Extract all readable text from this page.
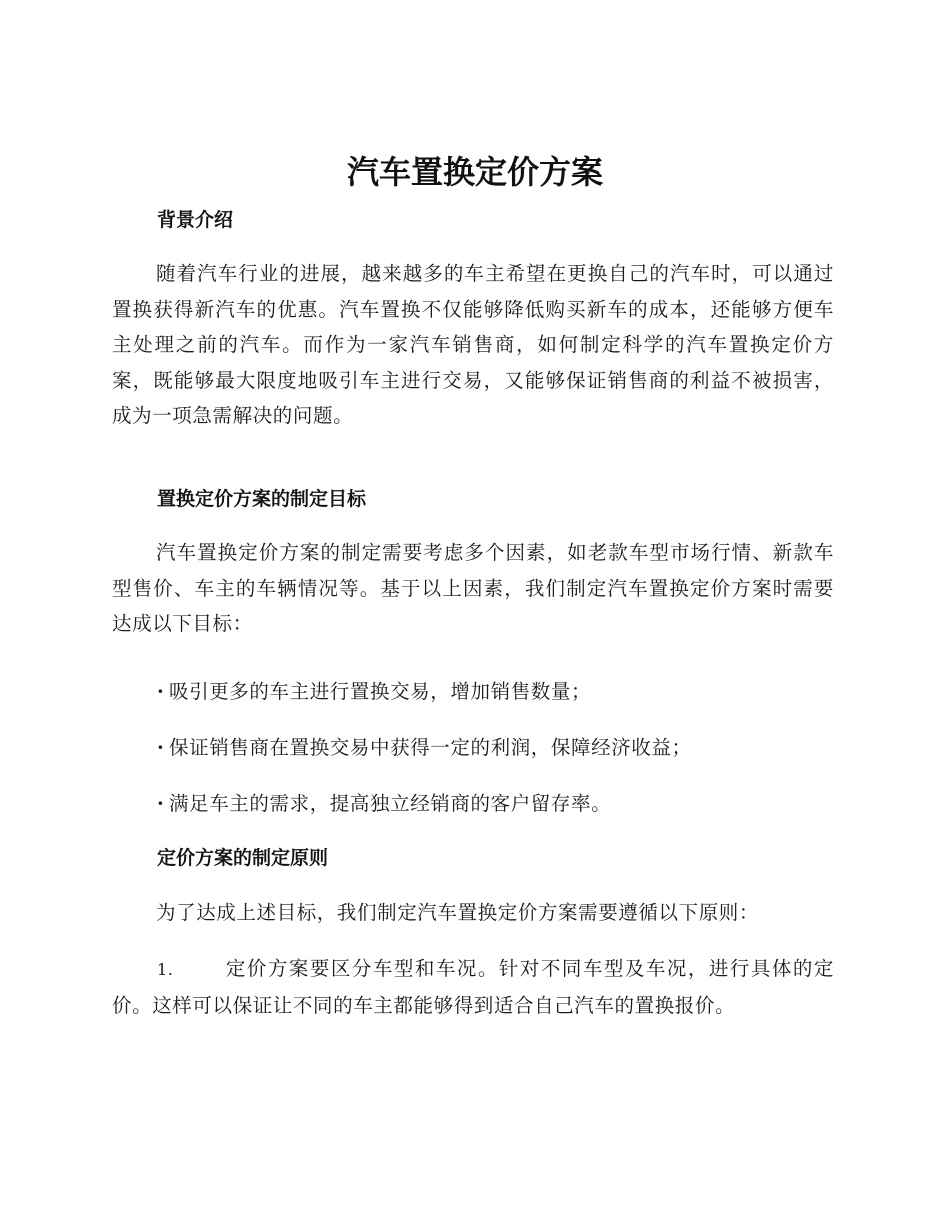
汽车置换定价方案
背景介绍

随着汽车行业的进展，越来越多的车主希望在更换自己的汽车时，可以通过置换获得新汽车的优惠。汽车置换不仅能够降低购买新车的成本，还能够方便车主处理之前的汽车。而作为一家汽车销售商，如何制定科学的汽车置换定价方案，既能够最大限度地吸引车主进行交易，又能够保证销售商的利益不被损害，成为一项急需解决的问题。

置换定价方案的制定目标

汽车置换定价方案的制定需要考虑多个因素，如老款车型市场行情、新款车型售价、车主的车辆情况等。基于以上因素，我们制定汽车置换定价方案时需要达成以下目标：

· 吸引更多的车主进行置换交易，增加销售数量；
· 保证销售商在置换交易中获得一定的利润，保障经济收益；
· 满足车主的需求，提高独立经销商的客户留存率。
定价方案的制定原则

为了达成上述目标，我们制定汽车置换定价方案需要遵循以下原则：

1.	定价方案要区分车型和车况。针对不同车型及车况，进行具体的定价。这样可以保证让不同的车主都能够得到适合自己汽车的置换报价。
